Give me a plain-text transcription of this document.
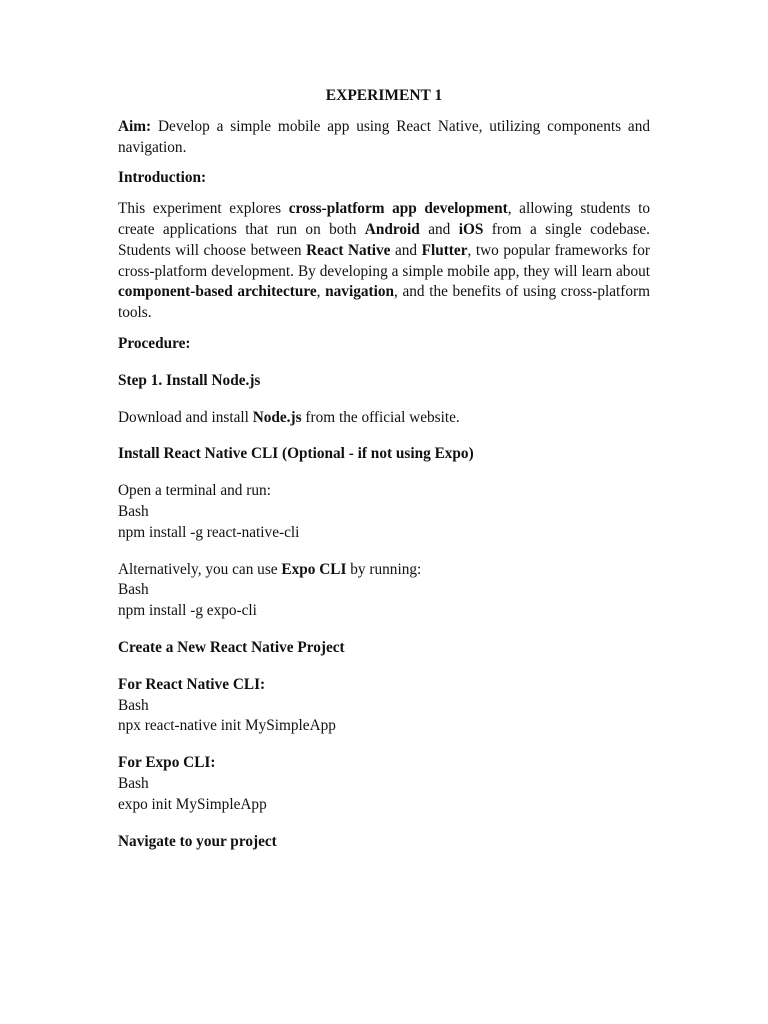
EXPERIMENT 1

Aim: Develop a simple mobile app using React Native, utilizing components and navigation.

Introduction:

This experiment explores cross-platform app development, allowing students to create applications that run on both Android and iOS from a single codebase. Students will choose between React Native and Flutter, two popular frameworks for cross-platform development. By developing a simple mobile app, they will learn about component-based architecture, navigation, and the benefits of using cross-platform tools.

Procedure:

Step 1. Install Node.js

Download and install Node.js from the official website.

Install React Native CLI (Optional - if not using Expo)

Open a terminal and run:

Bash

npm install -g react-native-cli

Alternatively, you can use Expo CLI by running:

Bash

npm install -g expo-cli

Create a New React Native Project

For React Native CLI:

Bash

npx react-native init MySimpleApp

For Expo CLI:

Bash

expo init MySimpleApp

Navigate to your project
